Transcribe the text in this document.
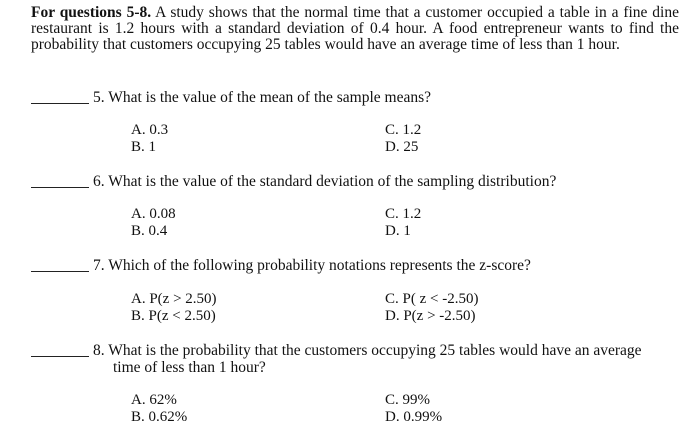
For questions 5-8. A study shows that the normal time that a customer occupied a table in a fine dine restaurant is 1.2 hours with a standard deviation of 0.4 hour. A food entrepreneur wants to find the probability that customers occupying 25 tables would have an average time of less than 1 hour.
5. What is the value of the mean of the sample means?
A. 0.3
B. 1
C. 1.2
D. 25
6. What is the value of the standard deviation of the sampling distribution?
A. 0.08
B. 0.4
C. 1.2
D. 1
7. Which of the following probability notations represents the z-score?
A. P(z > 2.50)
B. P(z < 2.50)
C. P( z < -2.50)
D. P(z > -2.50)
8. What is the probability that the customers occupying 25 tables would have an average
time of less than 1 hour?
A. 62%
B. 0.62%
C. 99%
D. 0.99%
